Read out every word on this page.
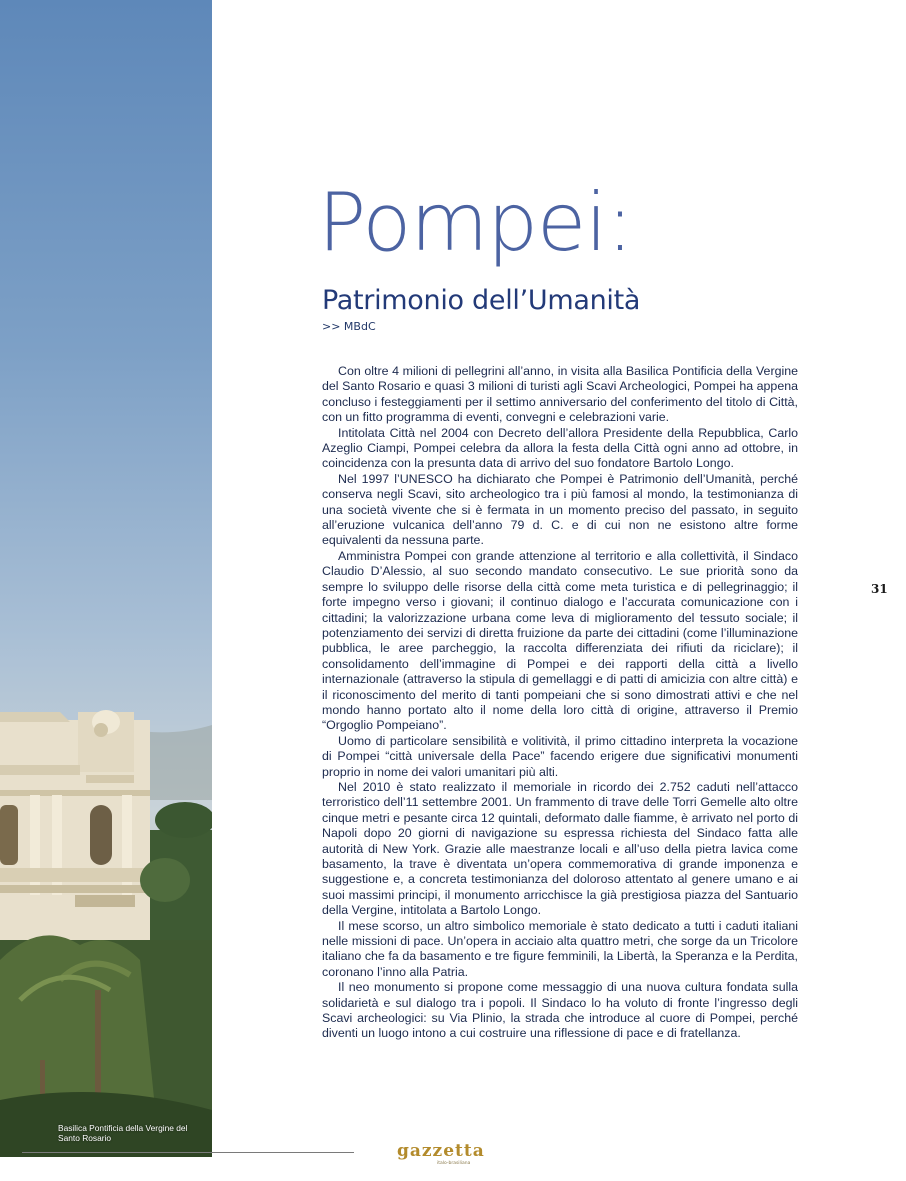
Basilica Pontificia della Vergine del Santo Rosario
Pompei:
Patrimonio dell’Umanità
>> MBdC

Con oltre 4 milioni di pellegrini all’anno, in visita alla Basilica Pontificia della Vergine del Santo Rosario e quasi 3 milioni di turisti agli Scavi Archeologici, Pompei ha appena concluso i festeggiamenti per il settimo anniversario del conferimento del titolo di Città, con un fitto programma di eventi, convegni e celebrazioni varie.

Intitolata Città nel 2004 con Decreto dell’allora Presidente della Repubblica, Carlo Azeglio Ciampi, Pompei celebra da allora la festa della Città ogni anno ad ottobre, in coincidenza con la presunta data di arrivo del suo fondatore Bartolo Longo.

Nel 1997 l’UNESCO ha dichiarato che Pompei è Patrimonio dell’Umanità, perché conserva negli Scavi, sito archeologico tra i più famosi al mondo, la testimonianza di una società vivente che si è fermata in un momento preciso del passato, in seguito all’eruzione vulcanica dell’anno 79 d. C. e di cui non ne esistono altre forme equivalenti da nessuna parte.

Amministra Pompei con grande attenzione al territorio e alla collettività, il Sindaco Claudio D’Alessio, al suo secondo mandato consecutivo. Le sue priorità sono da sempre lo sviluppo delle risorse della città come meta turistica e di pellegrinaggio; il forte impegno verso i giovani; il continuo dialogo e l’accurata comunicazione con i cittadini; la valorizzazione urbana come leva di miglioramento del tessuto sociale; il potenziamento dei servizi di diretta fruizione da parte dei cittadini (come l’illuminazione pubblica, le aree parcheggio, la raccolta differenziata dei rifiuti da riciclare); il consolidamento dell’immagine di Pompei e dei rapporti della città a livello internazionale (attraverso la stipula di gemellaggi e di patti di amicizia con altre città) e il riconoscimento del merito di tanti pompeiani che si sono dimostrati attivi e che nel mondo hanno portato alto il nome della loro città di origine, attraverso il Premio “Orgoglio Pompeiano”.

Uomo di particolare sensibilità e volitività, il primo cittadino interpreta la vocazione di Pompei “città universale della Pace” facendo erigere due significativi monumenti proprio in nome dei valori umanitari più alti.

Nel 2010 è stato realizzato il memoriale in ricordo dei 2.752 caduti nell’attacco terroristico dell’11 settembre 2001. Un frammento di trave delle Torri Gemelle alto oltre cinque metri e pesante circa 12 quintali, deformato dalle fiamme, è arrivato nel porto di Napoli dopo 20 giorni di navigazione su espressa richiesta del Sindaco fatta alle autorità di New York. Grazie alle maestranze locali e all’uso della pietra lavica come basamento, la trave è diventata un’opera commemorativa di grande imponenza e suggestione e, a concreta testimonianza del doloroso attentato al genere umano e ai suoi massimi principi, il monumento arricchisce la già prestigiosa piazza del Santuario della Vergine, intitolata a Bartolo Longo.

Il mese scorso, un altro simbolico memoriale è stato dedicato a tutti i caduti italiani nelle missioni di pace. Un’opera in acciaio alta quattro metri, che sorge da un Tricolore italiano che fa da basamento e tre figure femminili, la Libertà, la Speranza e la Perdita, coronano l’inno alla Patria.

Il neo monumento si propone come messaggio di una nuova cultura fondata sulla solidarietà e sul dialogo tra i popoli. Il Sindaco lo ha voluto di fronte l’ingresso degli Scavi archeologici: su Via Plinio, la strada che introduce al cuore di Pompei, perché diventi un luogo intono a cui costruire una riflessione di pace e di fratellanza.

31
gazzetta
italo-brasiliana
